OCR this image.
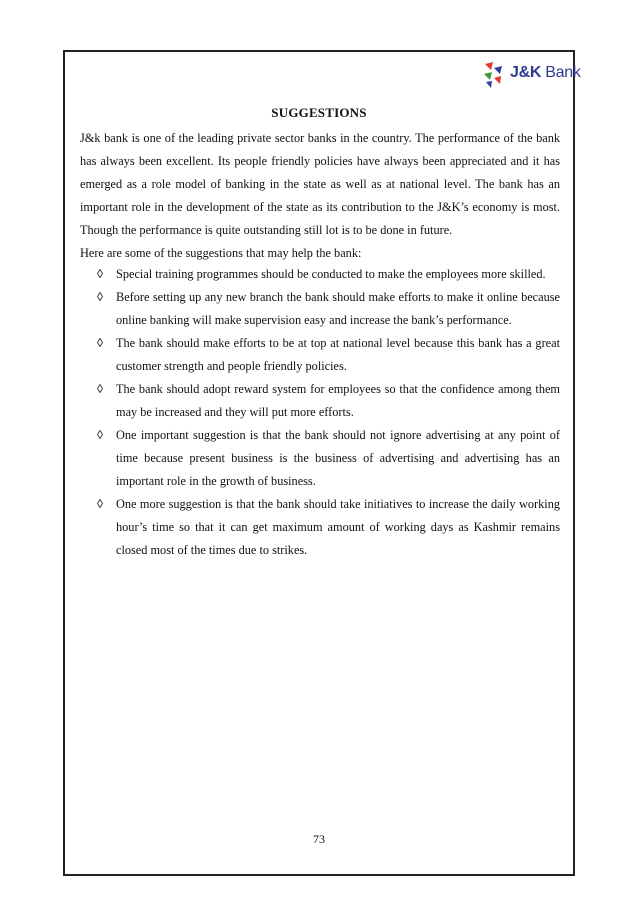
J&K Bank
SUGGESTIONS

J&k bank is one of the leading private sector banks in the country. The performance of the bank has always been excellent. Its people friendly policies have always been appreciated and it has emerged as a role model of banking in the state as well as at national level. The bank has an important role in the development of the state as its contribution to the J&K’s economy is most. Though the performance is quite outstanding still lot is to be done in future.

Here are some of the suggestions that may help the bank:

Special training programmes should be conducted to make the employees more skilled.
Before setting up any new branch the bank should make efforts to make it online because online banking will make supervision easy and increase the bank’s performance.
The bank should make efforts to be at top at national level because this bank has a great customer strength and people friendly policies.
The bank should adopt reward system for employees so that the confidence among them may be increased and they will put more efforts.
One important suggestion is that the bank should not ignore advertising at any point of time because present business is the business of advertising and advertising has an important role in the growth of business.
One more suggestion is that the bank should take initiatives to increase the daily working hour’s time so that it can get maximum amount of working days as Kashmir remains closed most of the times due to strikes.
73
